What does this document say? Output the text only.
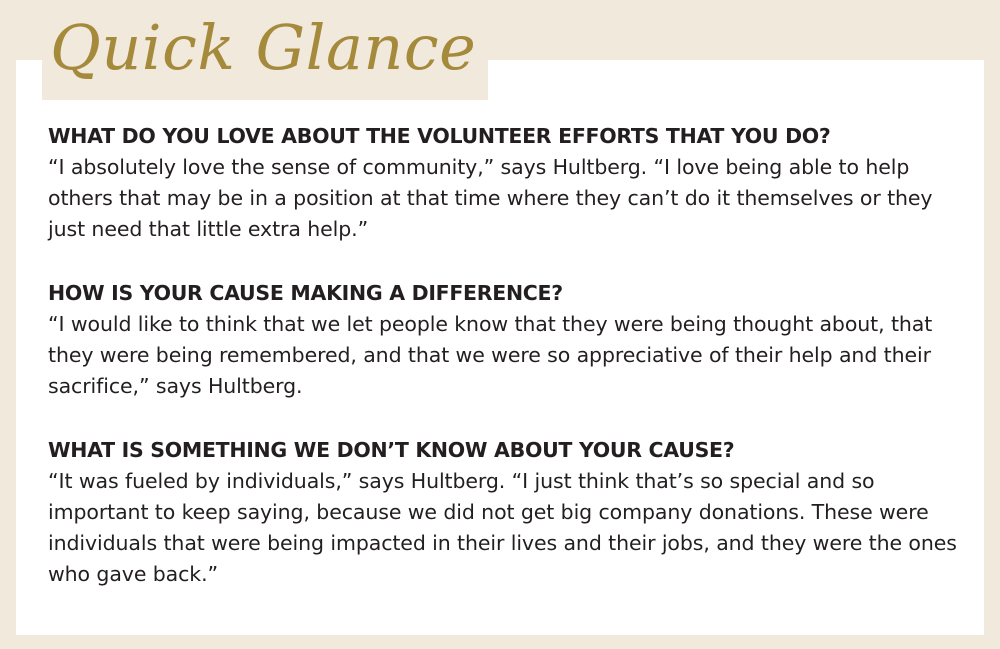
Quick Glance
WHAT DO YOU LOVE ABOUT THE VOLUNTEER EFFORTS THAT YOU DO?
“I absolutely love the sense of community,” says Hultberg. “I love being able to help others that may be in a position at that time where they can’t do it themselves or they just need that little extra help.”
HOW IS YOUR CAUSE MAKING A DIFFERENCE?
“I would like to think that we let people know that they were being thought about, that they were being remembered, and that we were so appreciative of their help and their sacrifice,” says Hultberg.
WHAT IS SOMETHING WE DON’T KNOW ABOUT YOUR CAUSE?
“It was fueled by individuals,” says Hultberg. “I just think that’s so special and so important to keep saying, because we did not get big company donations. These were individuals that were being impacted in their lives and their jobs, and they were the ones who gave back.”
